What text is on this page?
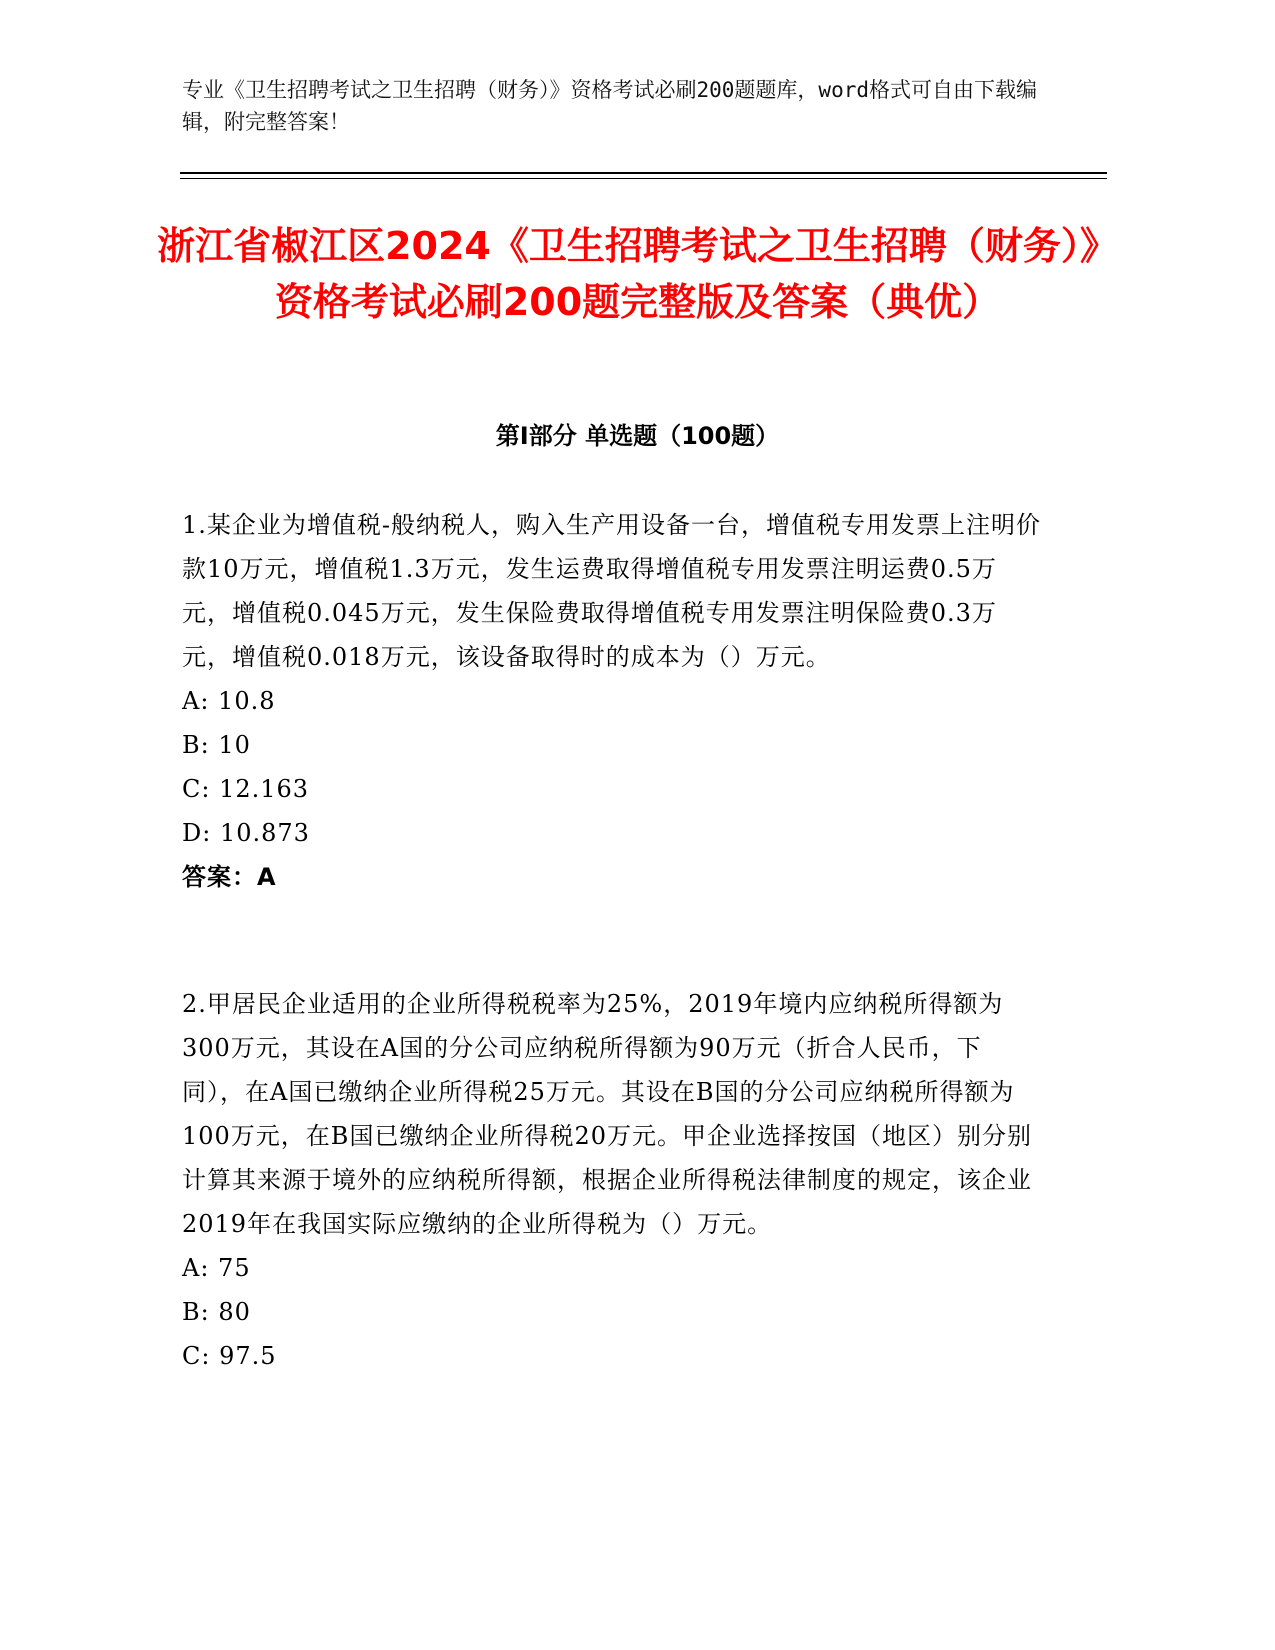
专业《卫生招聘考试之卫生招聘（财务）》资格考试必刷200题题库，word格式可自由下载编辑，附完整答案！
浙江省椒江区2024《卫生招聘考试之卫生招聘（财务）》资格考试必刷200题完整版及答案（典优）
第Ⅰ部分 单选题（100题）

1.某企业为增值税-般纳税人，购入生产用设备一台，增值税专用发票上注明价款10万元，增值税1.3万元，发生运费取得增值税专用发票注明运费0.5万元，增值税0.045万元，发生保险费取得增值税专用发票注明保险费0.3万元，增值税0.018万元，该设备取得时的成本为（）万元。

A: 10.8

B: 10

C: 12.163

D: 10.873

答案：A

2.甲居民企业适用的企业所得税税率为25%，2019年境内应纳税所得额为300万元，其设在A国的分公司应纳税所得额为90万元（折合人民币，下同），在A国已缴纳企业所得税25万元。其设在B国的分公司应纳税所得额为100万元，在B国已缴纳企业所得税20万元。甲企业选择按国（地区）别分别计算其来源于境外的应纳税所得额，根据企业所得税法律制度的规定，该企业2019年在我国实际应缴纳的企业所得税为（）万元。

A: 75

B: 80

C: 97.5
